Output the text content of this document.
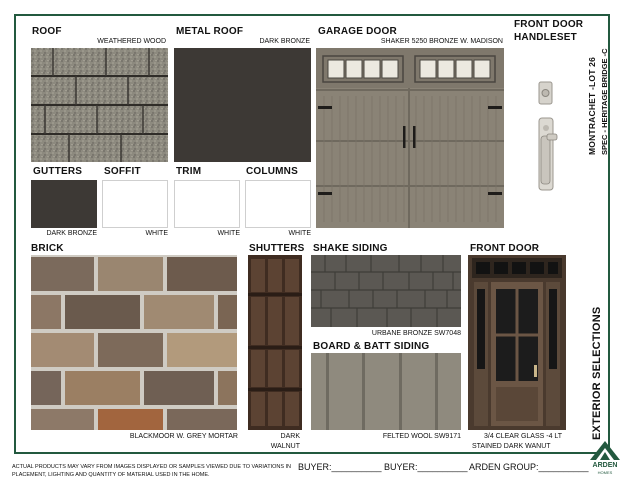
ROOF
WEATHERED WOOD
METAL ROOF
DARK BRONZE
GARAGE DOOR
SHAKER 5250 BRONZE W. MADISON
FRONT DOOR
HANDLESET
MONTRACHET -LOT 26 SPEC - HERITAGE BRIDGE -C
EXTERIOR SELECTIONS
GUTTERS
DARK BRONZE
SOFFIT
WHITE
TRIM
WHITE
COLUMNS
WHITE
BRICK
BLACKMOOR W. GREY MORTAR
SHUTTERS
DARK
WALNUT
SHAKE SIDING
URBANE BRONZE SW7048
BOARD & BATT SIDING
FELTED WOOL SW9171
FRONT DOOR
3/4 CLEAR GLASS -4 LT
STAINED DARK WANUT
ACTUAL PRODUCTS MAY VARY FROM IMAGES DISPLAYED OR SAMPLES VIEWED DUE TO VARIATIONS IN
PLACEMENT, LIGHTING AND QUANTITY OF MATERIAL USED IN THE HOME.
BUYER:__________ BUYER:__________ ARDEN GROUP:__________ ARDEN
HOMES
